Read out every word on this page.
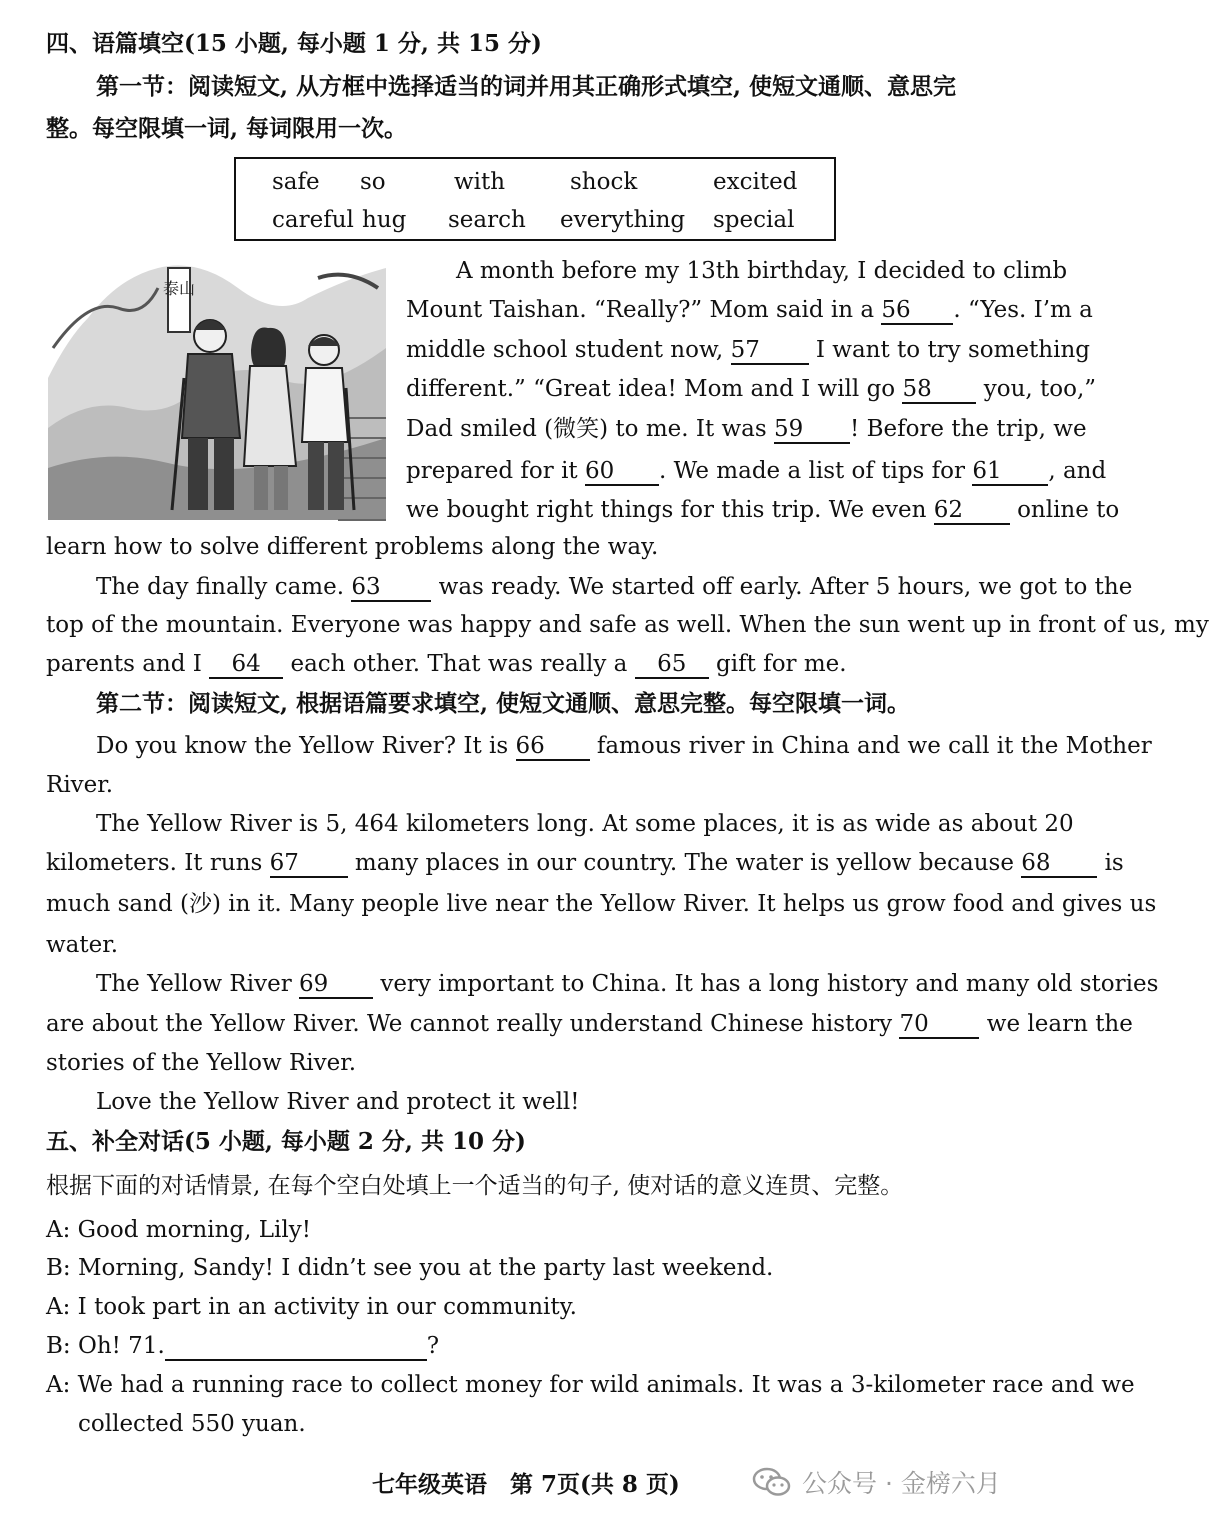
四、语篇填空(15 小题, 每小题 1 分, 共 15 分)
第一节：阅读短文, 从方框中选择适当的词并用其正确形式填空, 使短文通顺、意思完
整。每空限填一词, 每词限用一次。
safe so	with	shock	excited
careful hug search everything special
泰山
A month before my 13th birthday, I decided to climb
Mount Taishan. “Really?” Mom said in a 56 . “Yes. I’m a
middle school student now, 57 I want to try something
different.” “Great idea! Mom and I will go 58 you, too,”
Dad smiled (微笑) to me. It was 59 ! Before the trip, we
prepared for it 60 . We made a list of tips for 61 , and
we bought right things for this trip. We even 62 online to
learn how to solve different problems along the way.
The day finally came. 63	was ready. We started off early. After 5 hours, we got to the
top of the mountain. Everyone was happy and safe as well. When the sun went up in front of us, my
parents and I 64 each other. That was really a 65 gift for me.
第二节：阅读短文, 根据语篇要求填空, 使短文通顺、意思完整。每空限填一词。
Do you know the Yellow River? It is 66 famous river in China and we call it the Mother
River.
The Yellow River is 5, 464 kilometers long. At some places, it is as wide as about 20
kilometers. It runs 67 many places in our country. The water is yellow because 68 is
much sand (沙) in it. Many people live near the Yellow River. It helps us grow food and gives us
water.
The Yellow River 69 very important to China. It has a long history and many old stories
are about the Yellow River. We cannot really understand Chinese history 70	we learn the
stories of the Yellow River.
Love the Yellow River and protect it well!
五、补全对话(5 小题, 每小题 2 分, 共 10 分)
根据下面的对话情景, 在每个空白处填上一个适当的句子, 使对话的意义连贯、完整。
A: Good morning, Lily!
B: Morning, Sandy! I didn’t see you at the party last weekend.
A: I took part in an activity in our community.
B: Oh! 71.	?
A: We had a running race to collect money for wild animals. It was a 3-kilometer race and we
collected 550 yuan.
七年级英语　第 7页(共 8 页)	公众号 · 金榜六月
